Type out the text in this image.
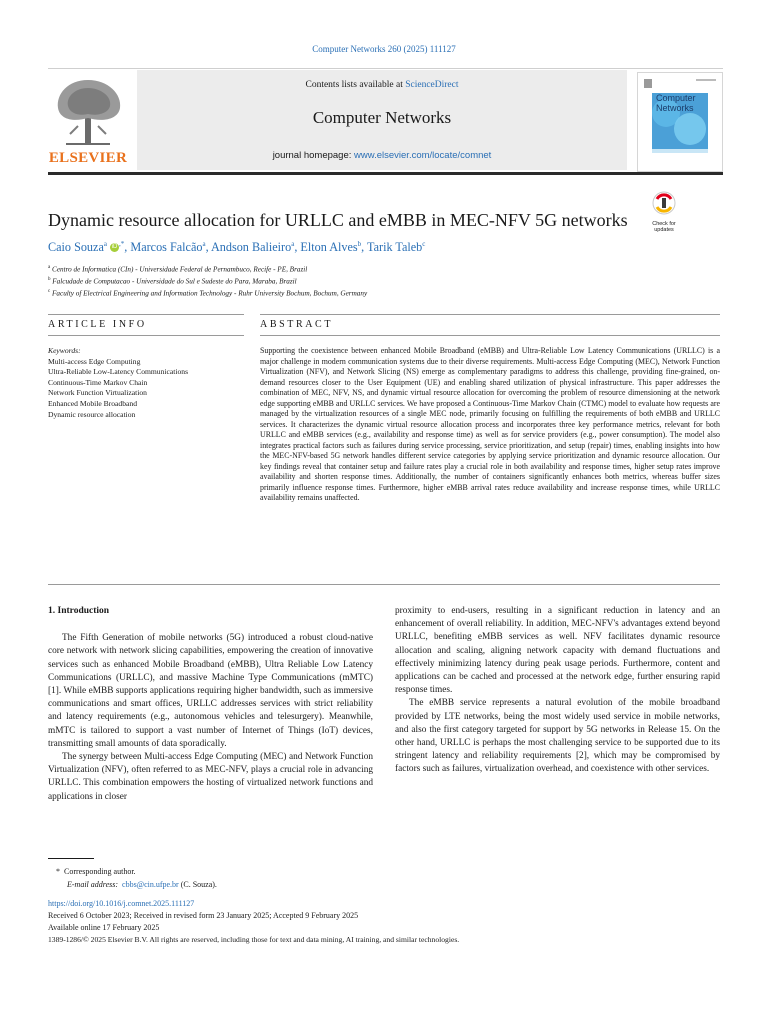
Computer Networks 260 (2025) 111127
ELSEVIER
Contents lists available at ScienceDirect
Computer Networks
journal homepage: www.elsevier.com/locate/comnet
Computer
Networks
Dynamic resource allocation for URLLC and eMBB in MEC-NFV 5G networks	Check for updates
Caio Souza$^a$ iD ,*, Marcos Falcão$^a$, Andson Balieiro$^a$, Elton Alves$^b$, Tarik Taleb$^c$
$^a$ Centro de Informatica (CIn) - Universidade Federal de Pernambuco, Recife - PE, Brazil
$^b$ Falcudade de Computacao - Universidade do Sul e Sudeste do Para, Maraba, Brazil
$^c$ Faculty of Electrical Engineering and Information Technology - Ruhr University Bochum, Bochum, Germany
ARTICLE INFO	ABSTRACT
Keywords:
Multi-access Edge Computing
Ultra-Reliable Low-Latency Communications
Continuous-Time Markov Chain
Network Function Virtualization
Enhanced Mobile Broadband
Dynamic resource allocation
Supporting the coexistence between enhanced Mobile Broadband (eMBB) and Ultra-Reliable Low Latency Communications (URLLC) is a major challenge in modern communication systems due to their diverse requirements. Multi-access Edge Computing (MEC), Network Function Virtualization (NFV), and Network Slicing (NS) emerge as complementary paradigms to address this challenge, providing fine-grained, on-demand resources closer to the User Equipment (UE) and enabling shared utilization of physical infrastructure. This paper addresses the combination of MEC, NFV, NS, and dynamic virtual resource allocation for overcoming the problem of resource dimensioning at the network edge supporting eMBB and URLLC services. We have proposed a Continuous-Time Markov Chain (CTMC) model to evaluate how requests are managed by the virtualization resources of a single MEC node, primarily focusing on fulfilling the requirements of both eMBB and URLLC services. It characterizes the dynamic virtual resource allocation process and incorporates three key performance metrics, relevant for both URLLC and eMBB services (e.g., availability and response time) as well as for service providers (e.g., power consumption). The model also integrates practical factors such as failures during service processing, service prioritization, and setup (repair) times, enabling insights into how the MEC-NFV-based 5G network handles different service categories by applying service prioritization and dynamic resource allocation. Our key findings reveal that container setup and failure rates play a crucial role in both availability and response times, higher setup rates improve availability and shorten response times. Additionally, the number of containers significantly enhances both metrics, whereas buffer sizes primarily influence response times. Furthermore, higher eMBB arrival rates reduce availability and increase response times, while URLLC availability remains unaffected.
1. Introduction

The Fifth Generation of mobile networks (5G) introduced a robust cloud-native core network with network slicing capabilities, empowering the creation of innovative services such as enhanced Mobile Broadband (eMBB), Ultra Reliable Low Latency Communications (URLLC), and massive Machine Type Communications (mMTC) [1]. While eMBB supports applications requiring higher bandwidth, such as immersive communications and smart offices, URLLC addresses services with strict reliability and latency requirements (e.g., autonomous vehicles and telesurgery). Meanwhile, mMTC is tailored to support a vast number of Internet of Things (IoT) devices, transmitting small amounts of data sporadically.

The synergy between Multi-access Edge Computing (MEC) and Network Function Virtualization (NFV), often referred to as MEC-NFV, plays a crucial role in advancing URLLC. This combination empowers the hosting of virtualized network functions and applications in closer

proximity to end-users, resulting in a significant reduction in latency and an enhancement of overall reliability. In addition, MEC-NFV's advantages extend beyond URLLC, benefiting eMBB services as well. NFV facilitates dynamic resource allocation and scaling, aligning network capacity with demand fluctuations and effectively minimizing latency during peak usage periods. Furthermore, content and applications can be cached and processed at the network edge, further ensuring rapid response times.

The eMBB service represents a natural evolution of the mobile broadband provided by LTE networks, being the most widely used service in mobile networks, and also the first category targeted for support by 5G networks in Release 15. On the other hand, URLLC is perhaps the most challenging service to be supported due to its stringent latency and reliability requirements [2], which may be compromised by factors such as failures, virtualization overhead, and coexistence with other services.

* Corresponding author.
E-mail address: cbbs@cin.ufpe.br (C. Souza).
https://doi.org/10.1016/j.comnet.2025.111127
Received 6 October 2023; Received in revised form 23 January 2025; Accepted 9 February 2025
Available online 17 February 2025
1389-1286/© 2025 Elsevier B.V. All rights are reserved, including those for text and data mining, AI training, and similar technologies.
